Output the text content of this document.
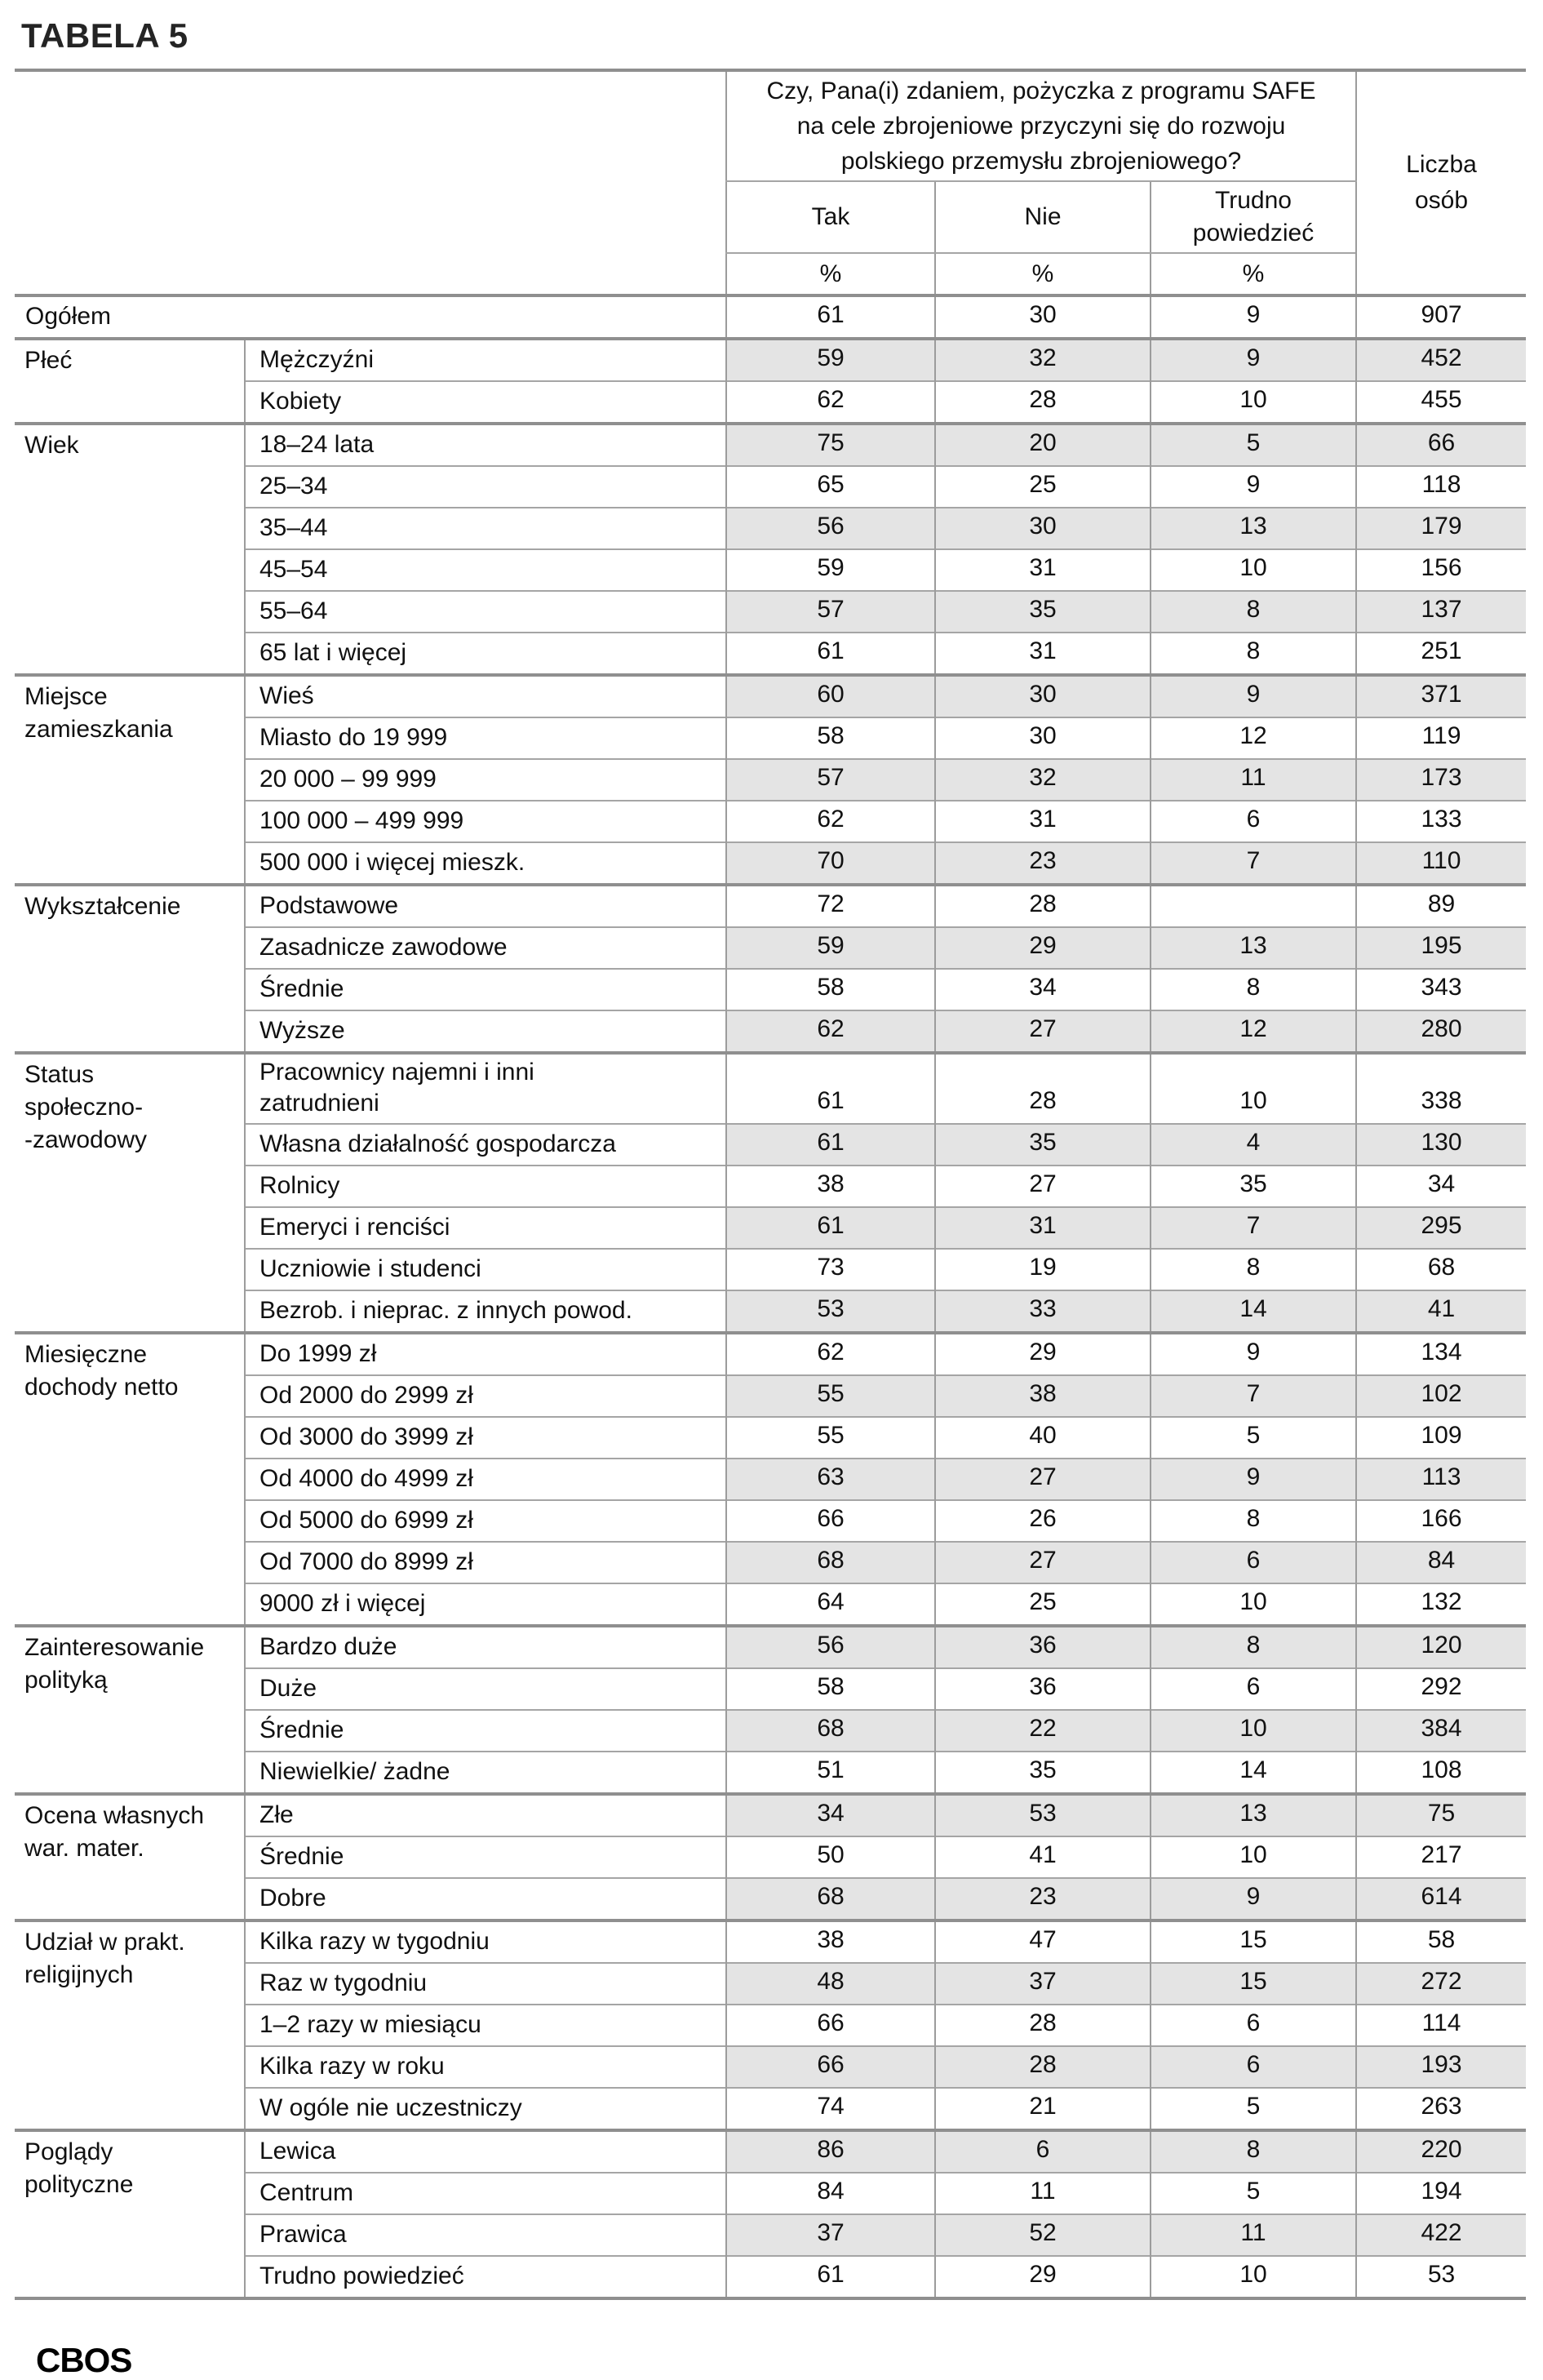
TABELA 5

Czy, Pana(i) zdaniem, pożyczka z programu SAFE
na cele zbrojeniowe przyczyni się do rozwoju
polskiego przemysłu zbrojeniowego?	Liczba
osób

		Tak	Nie	Trudno powiedzieć	
		%	%	%	
Ogółem		61	30	9	907

Płeć	Mężczyźni	59	32	9	452
	Kobiety	62	28	10	455

Wiek	18–24 lata	75	20	5	66
	25–34	65	25	9	118
	35–44	56	30	13	179
	45–54	59	31	10	156
	55–64	57	35	8	137
	65 lat i więcej	61	31	8	251

Miejsce
zamieszkania	Wieś	60	30	9	371
	Miasto do 19 999	58	30	12	119
	20 000 – 99 999	57	32	11	173
	100 000 – 499 999	62	31	6	133
	500 000 i więcej mieszk.	70	23	7	110

Wykształcenie	Podstawowe	72	28		89
	Zasadnicze zawodowe	59	29	13	195
	Średnie	58	34	8	343
	Wyższe	62	27	12	280

Status
społeczno-
-zawodowy

Pracownicy najemni i inni
zatrudnieni	61	28	10	338
	Własna działalność gospodarcza	61	35	4	130
	Rolnicy	38	27	35	34
	Emeryci i renciści	61	31	7	295
	Uczniowie i studenci	73	19	8	68
	Bezrob. i nieprac. z innych powod.	53	33	14	41

Miesięczne
dochody netto	Do 1999 zł	62	29	9	134
	Od 2000 do 2999 zł	55	38	7	102
	Od 3000 do 3999 zł	55	40	5	109
	Od 4000 do 4999 zł	63	27	9	113
	Od 5000 do 6999 zł	66	26	8	166
	Od 7000 do 8999 zł	68	27	6	84
	9000 zł i więcej	64	25	10	132

Zainteresowanie
polityką	Bardzo duże	56	36	8	120
	Duże	58	36	6	292
	Średnie	68	22	10	384
	Niewielkie/ żadne	51	35	14	108

Ocena własnych
war. mater.	Złe	34	53	13	75
	Średnie	50	41	10	217
	Dobre	68	23	9	614

Udział w prakt.
religijnych	Kilka razy w tygodniu	38	47	15	58
	Raz w tygodniu	48	37	15	272
	1–2 razy w miesiącu	66	28	6	114
	Kilka razy w roku	66	28	6	193
	W ogóle nie uczestniczy	74	21	5	263

Poglądy
polityczne	Lewica	86	6	8	220
	Centrum	84	11	5	194
	Prawica	37	52	11	422
	Trudno powiedzieć	61	29	10	53
CBOS
